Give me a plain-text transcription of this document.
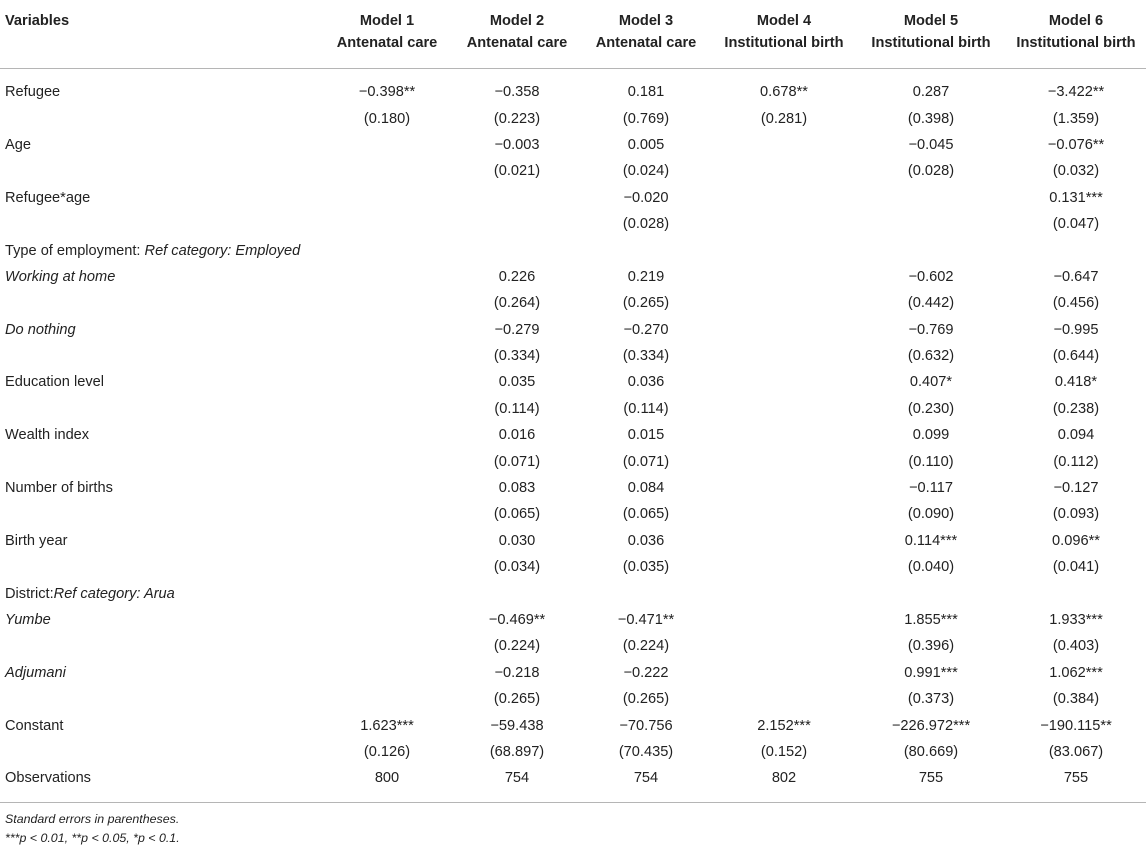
Variables	Model 1	Model 2	Model 3	Model 4	Model 5	Model 6
	Antenatal care	Antenatal care	Antenatal care	Institutional birth	Institutional birth	Institutional birth
Refugee	−0.398**	−0.358	0.181	0.678**	0.287	−3.422**
	(0.180)	(0.223)	(0.769)	(0.281)	(0.398)	(1.359)
Age		−0.003	0.005		−0.045	−0.076**
		(0.021)	(0.024)		(0.028)	(0.032)
Refugee*age			−0.020			0.131***
			(0.028)			(0.047)
Type of employment: Ref category: Employed						
Working at home		0.226	0.219		−0.602	−0.647
		(0.264)	(0.265)		(0.442)	(0.456)
Do nothing		−0.279	−0.270		−0.769	−0.995
		(0.334)	(0.334)		(0.632)	(0.644)
Education level		0.035	0.036		0.407*	0.418*
		(0.114)	(0.114)		(0.230)	(0.238)
Wealth index		0.016	0.015		0.099	0.094
		(0.071)	(0.071)		(0.110)	(0.112)
Number of births		0.083	0.084		−0.117	−0.127
		(0.065)	(0.065)		(0.090)	(0.093)
Birth year		0.030	0.036		0.114***	0.096**
		(0.034)	(0.035)		(0.040)	(0.041)
District:Ref category: Arua						
Yumbe		−0.469**	−0.471**		1.855***	1.933***
		(0.224)	(0.224)		(0.396)	(0.403)
Adjumani		−0.218	−0.222		0.991***	1.062***
		(0.265)	(0.265)		(0.373)	(0.384)
Constant	1.623***	−59.438	−70.756	2.152***	−226.972***	−190.115**
	(0.126)	(68.897)	(70.435)	(0.152)	(80.669)	(83.067)
Observations	800	754	754	802	755	755
Standard errors in parentheses.
***p < 0.01, **p < 0.05, *p < 0.1.
